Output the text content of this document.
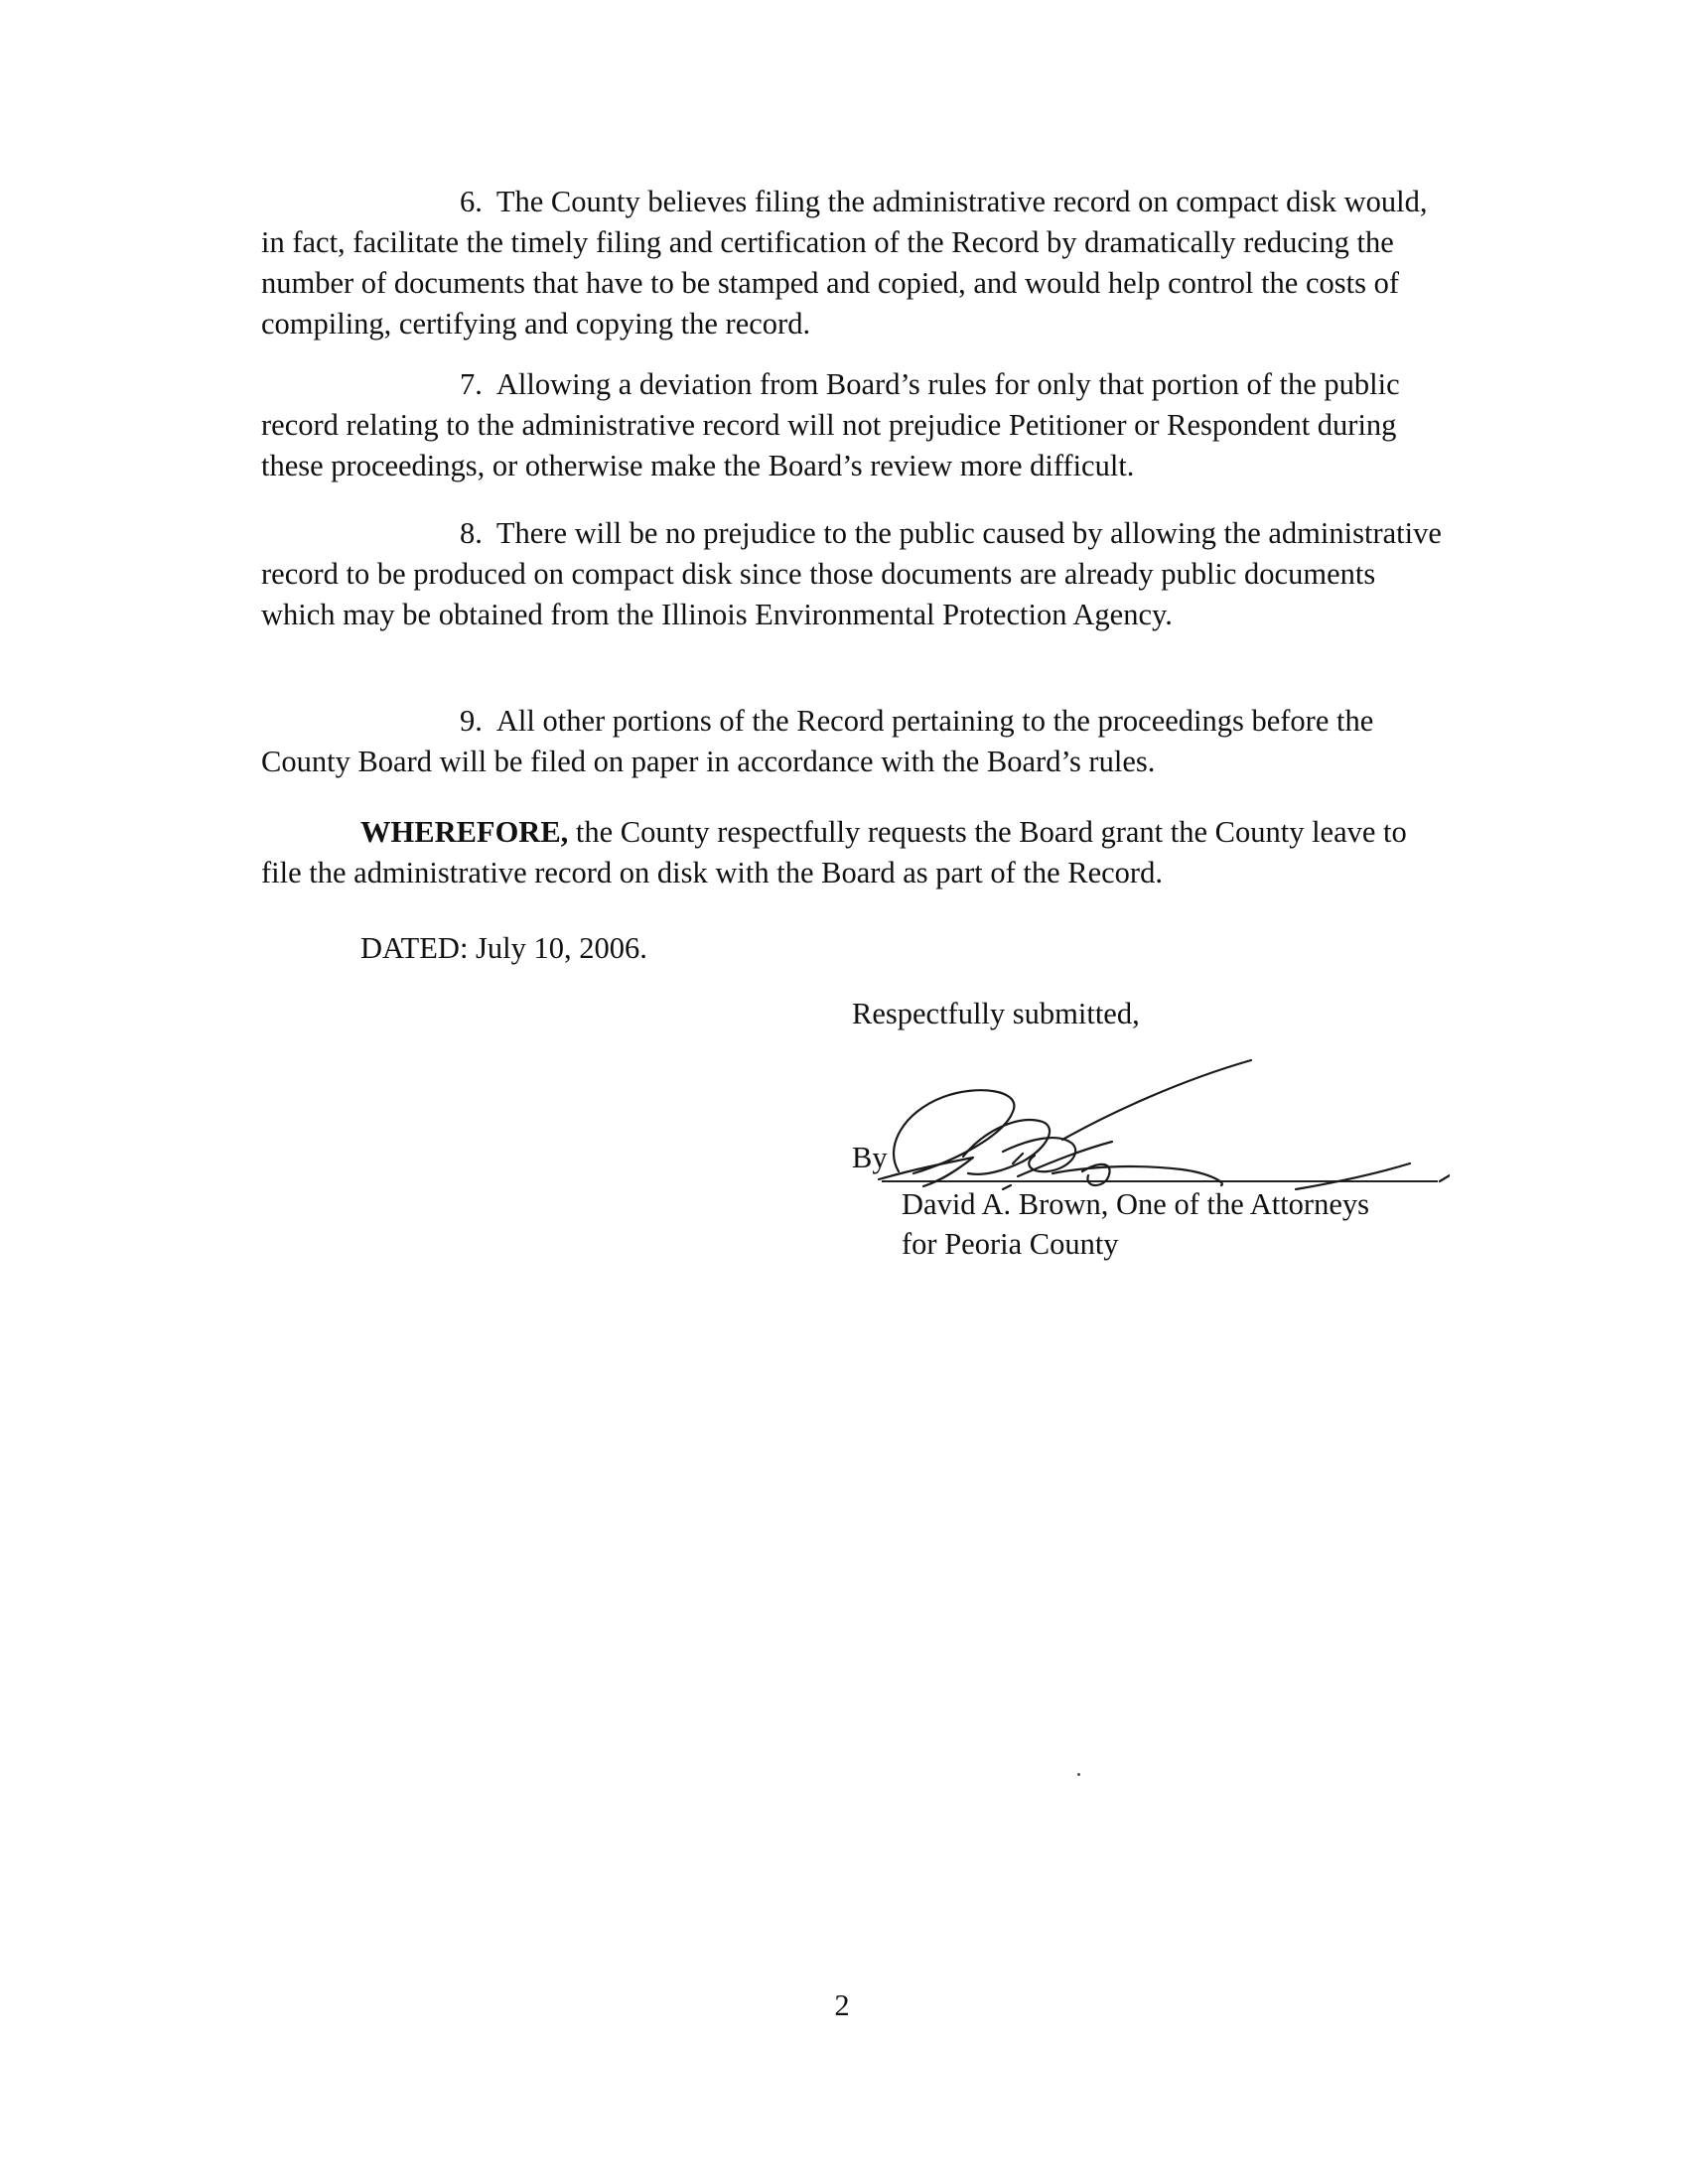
6. The County believes filing the administrative record on compact disk would, in fact, facilitate the timely filing and certification of the Record by dramatically reducing the number of documents that have to be stamped and copied, and would help control the costs of compiling, certifying and copying the record.

7. Allowing a deviation from Board’s rules for only that portion of the public record relating to the administrative record will not prejudice Petitioner or Respondent during these proceedings, or otherwise make the Board’s review more difficult.

8. There will be no prejudice to the public caused by allowing the administrative record to be produced on compact disk since those documents are already public documents which may be obtained from the Illinois Environmental Protection Agency.

9. All other portions of the Record pertaining to the proceedings before the County Board will be filed on paper in accordance with the Board’s rules.

WHEREFORE, the County respectfully requests the Board grant the County leave to file the administrative record on disk with the Board as part of the Record.

DATED: July 10, 2006.
Respectfully submitted,
By
David A. Brown, One of the Attorneys
for Peoria County
2
